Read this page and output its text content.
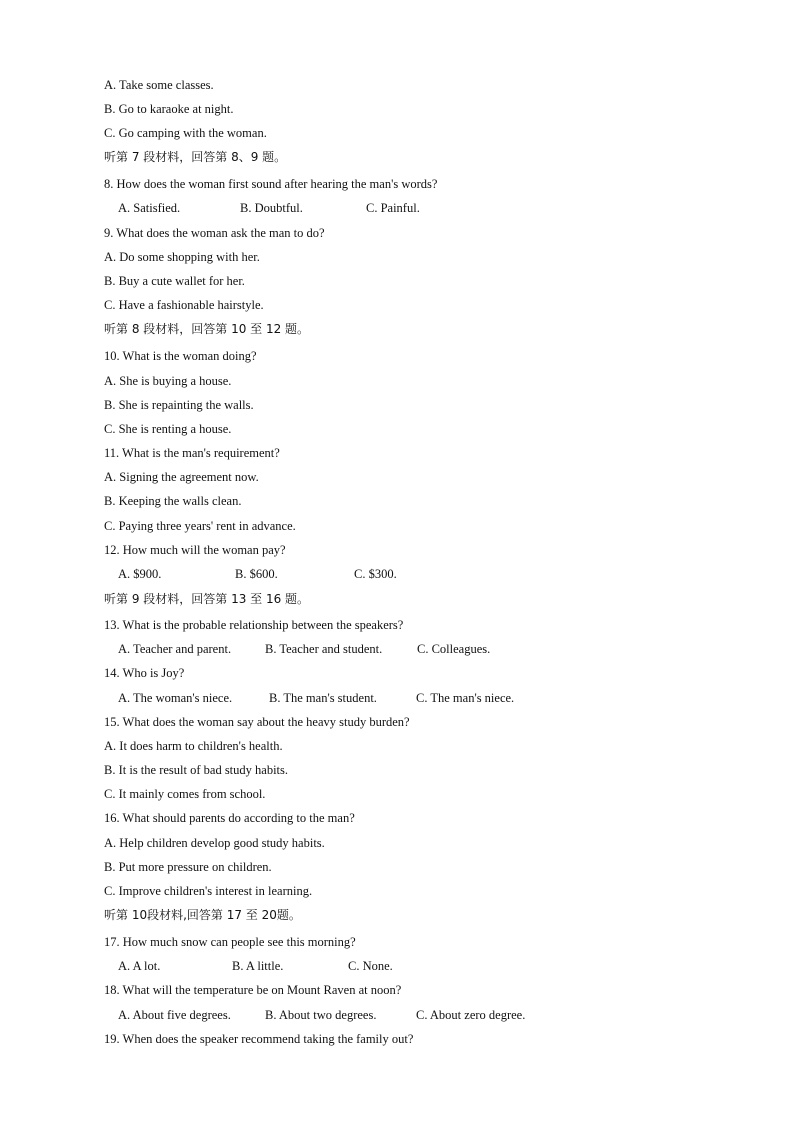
A. Take some classes.
B. Go to karaoke at night.
C. Go camping with the woman.
听第 7 段材料，回答第 8、9 题。
8. How does the woman first sound after hearing the man's words?
A. Satisfied.	B. Doubtful.	C. Painful.
9. What does the woman ask the man to do?
A. Do some shopping with her.
B. Buy a cute wallet for her.
C. Have a fashionable hairstyle.
听第 8 段材料，回答第 10 至 12 题。
10. What is the woman doing?
A. She is buying a house.
B. She is repainting the walls.
C. She is renting a house.
11. What is the man's requirement?
A. Signing the agreement now.
B. Keeping the walls clean.
C. Paying three years' rent in advance.
12. How much will the woman pay?
A. $900.	B. $600.	C. $300.
听第 9 段材料，回答第 13 至 16 题。
13. What is the probable relationship between the speakers?
A. Teacher and parent.	B. Teacher and student.	C. Colleagues.
14. Who is Joy?
A. The woman's niece.	B. The man's student.	C. The man's niece.
15. What does the woman say about the heavy study burden?
A. It does harm to children's health.
B. It is the result of bad study habits.
C. It mainly comes from school.
16. What should parents do according to the man?
A. Help children develop good study habits.
B. Put more pressure on children.
C. Improve children's interest in learning.
听第 10段材料,回答第 17 至 20题。
17. How much snow can people see this morning?
A. A lot.	B. A little.	C. None.
18. What will the temperature be on Mount Raven at noon?
A. About five degrees.	B. About two degrees.	C. About zero degree.
19. When does the speaker recommend taking the family out?
